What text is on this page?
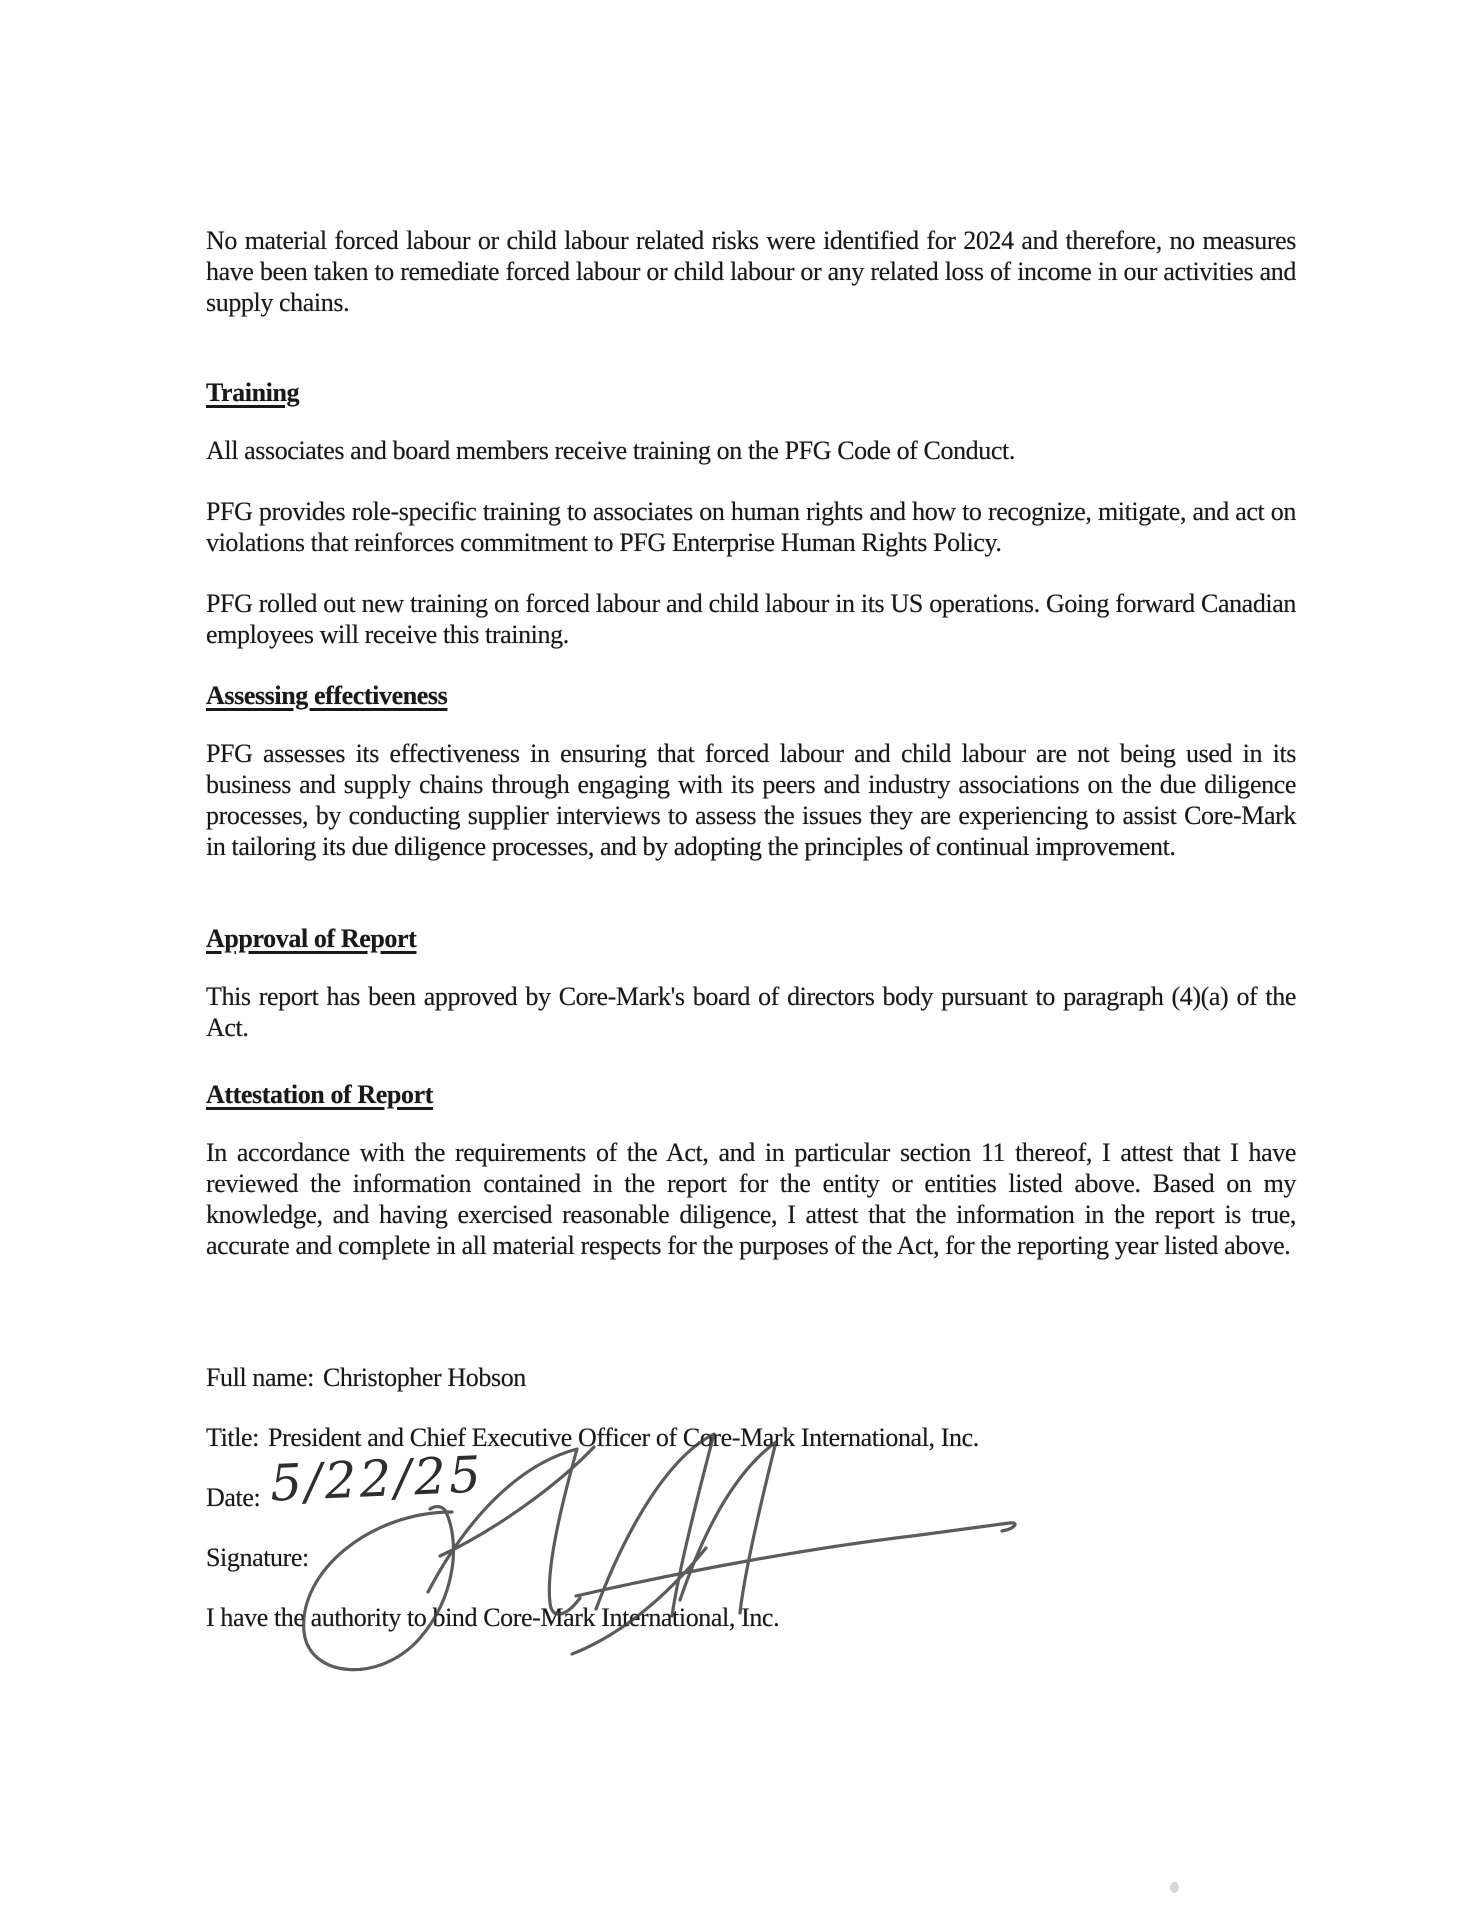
No material forced labour or child labour related risks were identified for 2024 and therefore, no measures have been taken to remediate forced labour or child labour or any related loss of income in our activities and supply chains.

Training

All associates and board members receive training on the PFG Code of Conduct.

PFG provides role-specific training to associates on human rights and how to recognize, mitigate, and act on violations that reinforces commitment to PFG Enterprise Human Rights Policy.

PFG rolled out new training on forced labour and child labour in its US operations. Going forward Canadian employees will receive this training.

Assessing effectiveness

PFG assesses its effectiveness in ensuring that forced labour and child labour are not being used in its business and supply chains through engaging with its peers and industry associations on the due diligence processes, by conducting supplier interviews to assess the issues they are experiencing to assist Core-Mark in tailoring its due diligence processes, and by adopting the principles of continual improvement.

Approval of Report

This report has been approved by Core-Mark's board of directors body pursuant to paragraph (4)(a) of the Act.

Attestation of Report

In accordance with the requirements of the Act, and in particular section 11 thereof, I attest that I have reviewed the information contained in the report for the entity or entities listed above. Based on my knowledge, and having exercised reasonable diligence, I attest that the information in the report is true, accurate and complete in all material respects for the purposes of the Act, for the reporting year listed above.

Full name: Christopher Hobson

Title: President and Chief Executive Officer of Core-Mark International, Inc.

Date: 5/22/25

Signature:

I have the authority to bind Core-Mark International, Inc.
